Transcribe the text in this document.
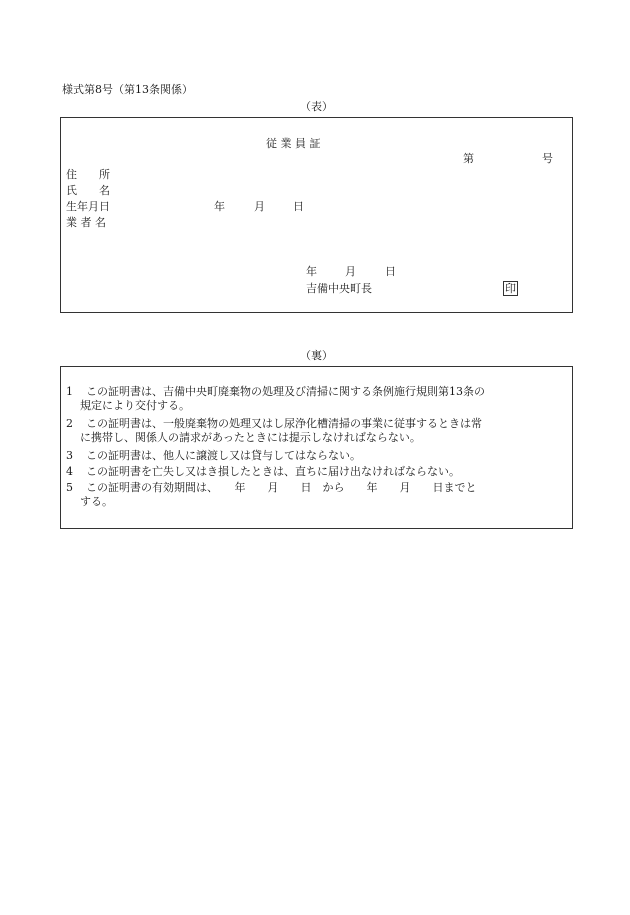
様式第8号（第13条関係）
（表）
従 業 員 証
第	号
住　　所
氏　　名
生年月日	年	月	日
業 者 名
年	月	日
吉備中央町長	印
（裏）
1	この証明書は、吉備中央町廃棄物の処理及び清掃に関する条例施行規則第13条の
規定により交付する。
2	この証明書は、一般廃棄物の処理又はし尿浄化槽清掃の事業に従事するときは常
に携帯し、関係人の請求があったときには提示しなければならない。
3	この証明書は、他人に譲渡し又は貸与してはならない。
4	この証明書を亡失し又はき損したときは、直ちに届け出なければならない。
5	この証明書の有効期間は、　　年　　月　　日　から　　年　　月　　日までと
する。
